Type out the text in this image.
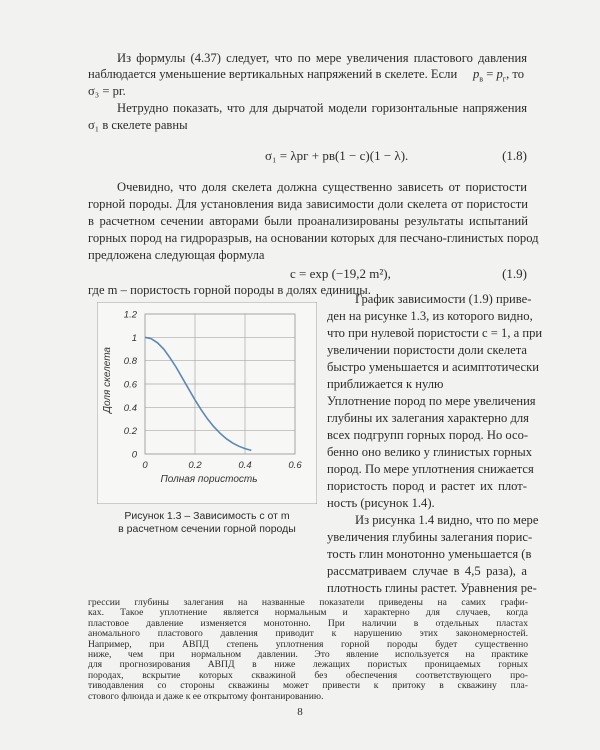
Из формулы (4.37) следует, что по мере увеличения пластового давления
наблюдается уменьшение вертикальных напряжений в скелете. Если $p_в = p_г$, то
σ₃ = pг.
Нетрудно показать, что для дырчатой модели горизонтальные напряжения
σ₁ в скелете равны
σ₁ = λpг + pв(1 − c)(1 − λ).	(1.8)
Очевидно, что доля скелета должна существенно зависеть от пористости
горной породы. Для установления вида зависимости доли скелета от пористости
в расчетном сечении авторами были проанализированы результаты испытаний
горных пород на гидроразрыв, на основании которых для песчано-глинистых пород
предложена следующая формула
c = exp (−19,2 m²),	(1.9)
где m – пористость горной породы в долях единицы.
0
0.2
0.4
0.6
0.8
1
1.2
0	0.2	0.4	0.6
Полная пористость
Доля скелета
Рисунок 1.3 – Зависимость c от m
в расчетном сечении горной породы
График зависимости (1.9) приве-
ден на рисунке 1.3, из которого видно,
что при нулевой пористости c = 1, а при
увеличении пористости доли скелета
быстро уменьшается и асимптотически
приближается к нулю
Уплотнение пород по мере увеличения
глубины их залегания характерно для
всех подгрупп горных пород. Но осо-
бенно оно велико у глинистых горных
пород. По мере уплотнения снижается
пористость пород и растет их плот-
ность (рисунок 1.4).
Из рисунка 1.4 видно, что по мере
увеличения глубины залегания порис-
тость глин монотонно уменьшается (в
рассматриваем случае в 4,5 раза), а
плотность глины растет. Уравнения ре-
8
грессии глубины залегания на названные показатели приведены на самих графи-
ках. Такое уплотнение является нормальным и характерно для случаев, когда
пластовое давление изменяется монотонно. При наличии в отдельных пластах
аномального пластового давления приводит к нарушению этих закономерностей.
Например, при АВПД степень уплотнения горной породы будет существенно
ниже, чем при нормальном давлении. Это явление используется на практике
для прогнозирования АВПД в ниже лежащих пористых проницаемых горных
породах, вскрытие которых скважиной без обеспечения соответствующего про-
тиводавления со стороны скважины может привести к притоку в скважину пла-
стового флюида и даже к ее открытому фонтанированию.
